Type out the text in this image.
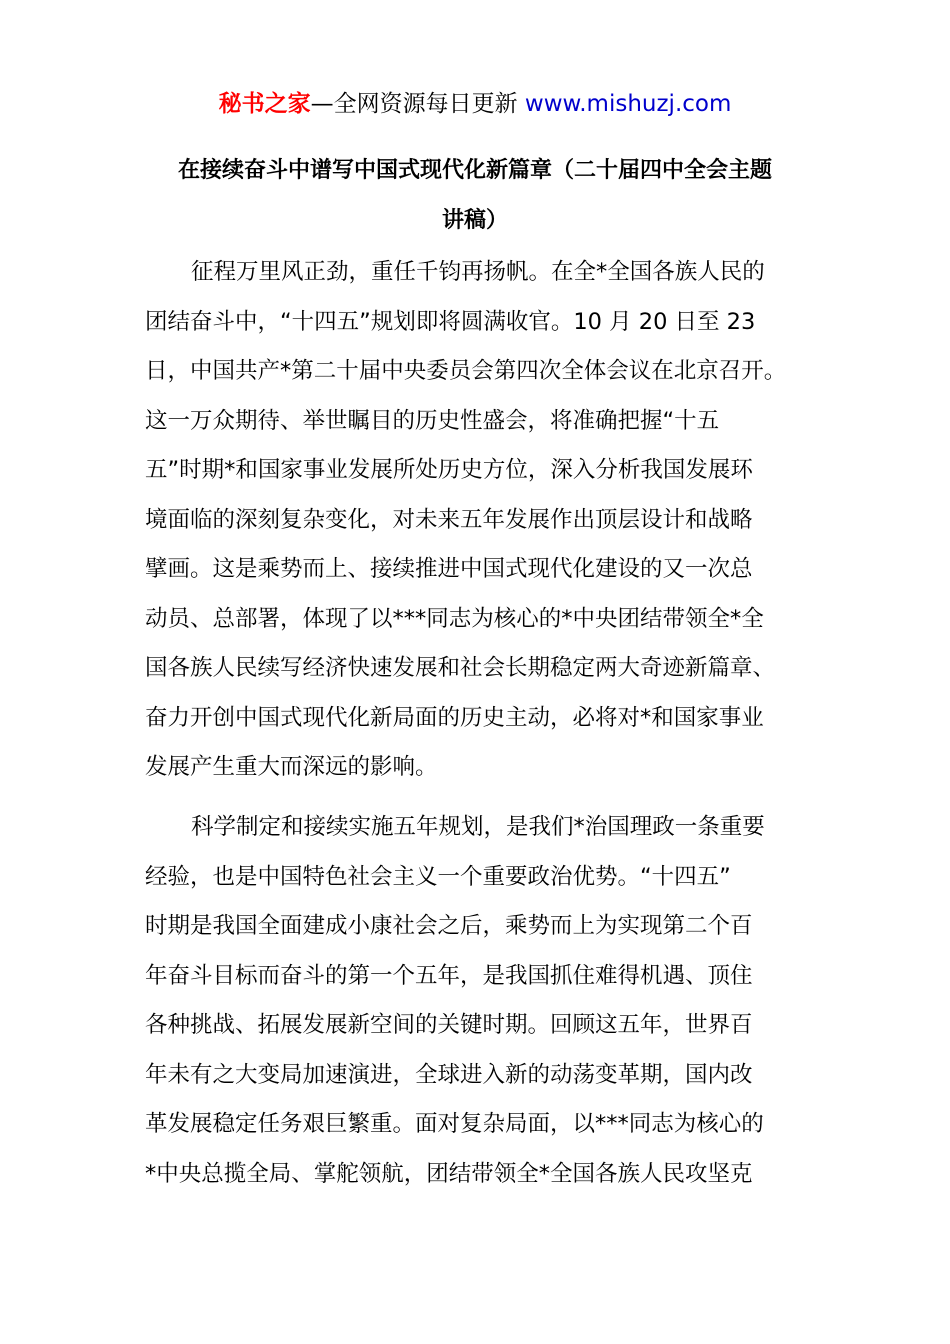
秘书之家—全网资源每日更新 www.mishuzj.com
在接续奋斗中谱写中国式现代化新篇章（二十届四中全会主题
讲稿）
征程万里风正劲，重任千钧再扬帆。在全*全国各族人民的
团结奋斗中，“十四五”规划即将圆满收官。10 月 20 日至 23
日，中国共产*第二十届中央委员会第四次全体会议在北京召开。
这一万众期待、举世瞩目的历史性盛会，将准确把握“十五
五”时期*和国家事业发展所处历史方位，深入分析我国发展环
境面临的深刻复杂变化，对未来五年发展作出顶层设计和战略
擘画。这是乘势而上、接续推进中国式现代化建设的又一次总
动员、总部署，体现了以***同志为核心的*中央团结带领全*全
国各族人民续写经济快速发展和社会长期稳定两大奇迹新篇章、
奋力开创中国式现代化新局面的历史主动，必将对*和国家事业
发展产生重大而深远的影响。
科学制定和接续实施五年规划，是我们*治国理政一条重要
经验，也是中国特色社会主义一个重要政治优势。“十四五”
时期是我国全面建成小康社会之后，乘势而上为实现第二个百
年奋斗目标而奋斗的第一个五年，是我国抓住难得机遇、顶住
各种挑战、拓展发展新空间的关键时期。回顾这五年，世界百
年未有之大变局加速演进，全球进入新的动荡变革期，国内改
革发展稳定任务艰巨繁重。面对复杂局面，以***同志为核心的
*中央总揽全局、掌舵领航，团结带领全*全国各族人民攻坚克
